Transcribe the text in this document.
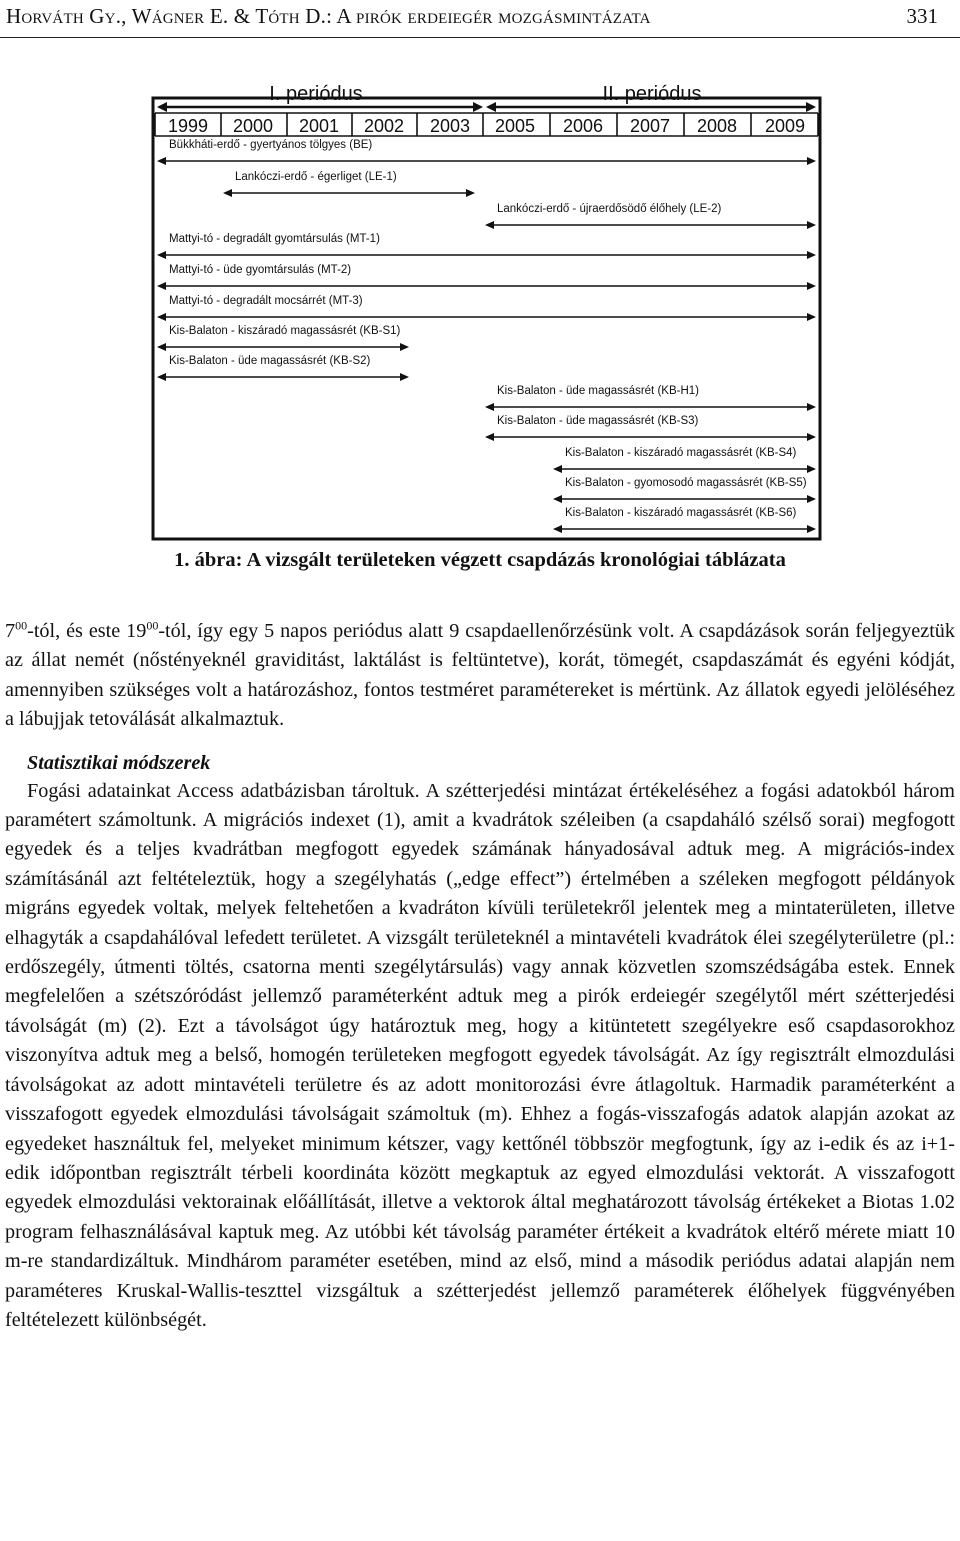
Horváth Gy., Wágner E. & Tóth D.: A pirók erdeiegér mozgásmintázata	331
I. periódus	II. periódus
1999 2000 2001 2002 2003 2005 2006 2007 2008 2009
Bükkháti-erdő - gyertyános tölgyes (BE)
Lankóczi-erdő - égerliget (LE-1)
Lankóczi-erdő - újraerdősödő élőhely (LE-2)
Mattyi-tó - degradált gyomtársulás (MT-1)
Mattyi-tó - üde gyomtársulás (MT-2)
Mattyi-tó - degradált mocsárrét (MT-3)
Kis-Balaton - kiszáradó magassásrét (KB-S1)
Kis-Balaton - üde magassásrét (KB-S2)
Kis-Balaton - üde magassásrét (KB-H1)
Kis-Balaton - üde magassásrét (KB-S3)
Kis-Balaton - kiszáradó magassásrét (KB-S4)
Kis-Balaton - gyomosodó magassásrét (KB-S5)
Kis-Balaton - kiszáradó magassásrét (KB-S6)
1. ábra: A vizsgált területeken végzett csapdázás kronológiai táblázata

$7^{00}$-tól, és este $19^{00}$-tól, így egy 5 napos periódus alatt 9 csapdaellenőrzésünk volt. A csapdázások során feljegyeztük az állat nemét (nőstényeknél graviditást, laktálást is feltüntetve), korát, tömegét, csapdaszámát és egyéni kódját, amennyiben szükséges volt a határozáshoz, fontos testméret paramétereket is mértünk. Az állatok egyedi jelöléséhez a lábujjak tetoválását alkalmaztuk.

Statisztikai módszerek

Fogási adatainkat Access adatbázisban tároltuk. A szétterjedési mintázat értékeléséhez a fogási adatokból három paramétert számoltunk. A migrációs indexet (1), amit a kvadrátok széleiben (a csapdaháló szélső sorai) megfogott egyedek és a teljes kvadrátban megfogott egyedek számának hányadosával adtuk meg. A migrációs-index számításánál azt feltételeztük, hogy a szegélyhatás („edge effect”) értelmében a széleken megfogott példányok migráns egyedek voltak, melyek feltehetően a kvadráton kívüli területekről jelentek meg a mintaterületen, illetve elhagyták a csapdahálóval lefedett területet. A vizsgált területeknél a mintavételi kvadrátok élei szegélyterületre (pl.: erdőszegély, útmenti töltés, csatorna menti szegélytársulás) vagy annak közvetlen szomszédságába estek. Ennek megfelelően a szétszóródást jellemző paraméterként adtuk meg a pirók erdeiegér szegélytől mért szétterjedési távolságát (m) (2). Ezt a távolságot úgy határoztuk meg, hogy a kitüntetett szegélyekre eső csapdasorokhoz viszonyítva adtuk meg a belső, homogén területeken megfogott egyedek távolságát. Az így regisztrált elmozdulási távolságokat az adott mintavételi területre és az adott monitorozási évre átlagoltuk. Harmadik paraméterként a visszafogott egyedek elmozdulási távolságait számoltuk (m). Ehhez a fogás-visszafogás adatok alapján azokat az egyedeket használtuk fel, melyeket minimum kétszer, vagy kettőnél többször megfogtunk, így az i-edik és az i+1-edik időpontban regisztrált térbeli koordináta között megkaptuk az egyed elmozdulási vektorát. A visszafogott egyedek elmozdulási vektorainak előállítását, illetve a vektorok által meghatározott távolság értékeket a Biotas 1.02 program felhasználásával kaptuk meg. Az utóbbi két távolság paraméter értékeit a kvadrátok eltérő mérete miatt 10 m-re standardizáltuk. Mindhárom paraméter esetében, mind az első, mind a második periódus adatai alapján nem paraméteres Kruskal-Wallis-teszttel vizsgáltuk a szétterjedést jellemző paraméterek élőhelyek függvényében feltételezett különbségét.
